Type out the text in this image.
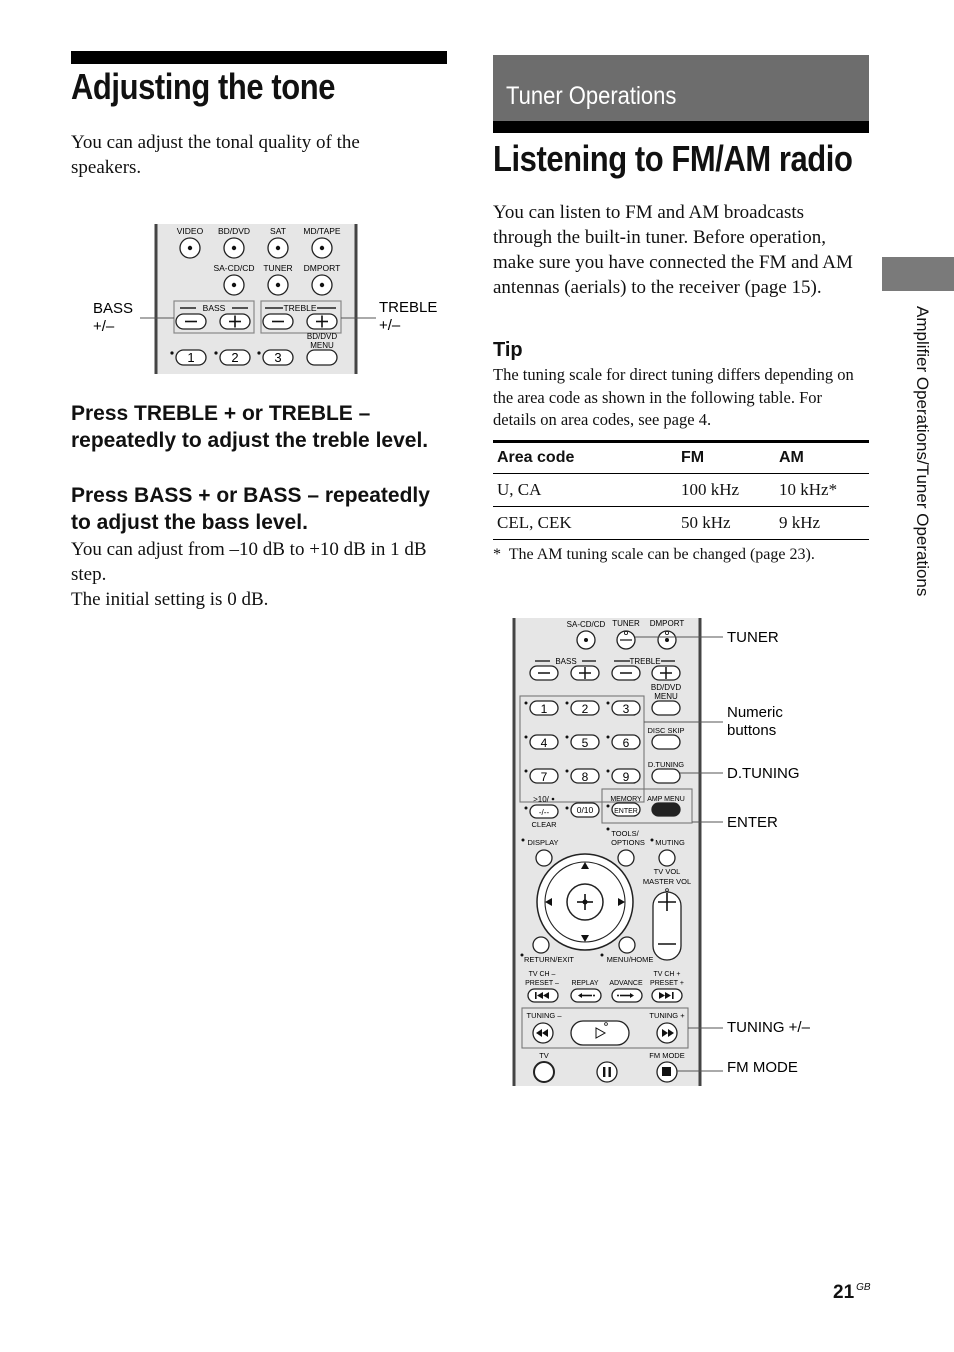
Adjusting the tone
You can adjust the tonal quality of the speakers.
VIDEO BD/DVD SAT MD/TAPE
SA-CD/CD TUNER DMPORT
BASS	TREBLE
BD/DVD
MENU
1	2	3
BASS
+/–
TREBLE
+/–
Press TREBLE + or TREBLE – repeatedly to adjust the treble level.
Press BASS + or BASS – repeatedly to adjust the bass level.
You can adjust from –10 dB to +10 dB in 1 dB step.
The initial setting is 0 dB.
Tuner Operations
Listening to FM/AM radio
You can listen to FM and AM broadcasts through the built-in tuner. Before operation, make sure you have connected the FM and AM antennas (aerials) to the receiver (page 15).
Tip
The tuning scale for direct tuning differs depending on the area code as shown in the following table. For details on area codes, see page 4.
Area code	FM	AM
U, CA	100 kHz	10 kHz*
CEL, CEK	50 kHz	9 kHz
*  The AM tuning scale can be changed (page 23).
SA-CD/CD TUNER DMPORT
BASS	TREBLE
BD/DVD
MENU
1	2	3
4	5	6
7	8	9
DISC SKIP
D.TUNING
>10/
-/--
CLEAR
0/10
MEMORY AMP MENU
ENTER
TOOLS/
DISPLAY	OPTIONS MUTING
TV VOL
MASTER VOL
RETURN/EXIT	MENU/HOME
TV CH –
PRESET – REPLAY ADVANCE
TV CH +
PRESET +
TUNING –	TUNING +
TV	FM MODE
TUNER
Numeric
buttons
D.TUNING
ENTER
TUNING +/–
FM MODE
Amplifier Operations/Tuner Operations
21 $^{GB}$
